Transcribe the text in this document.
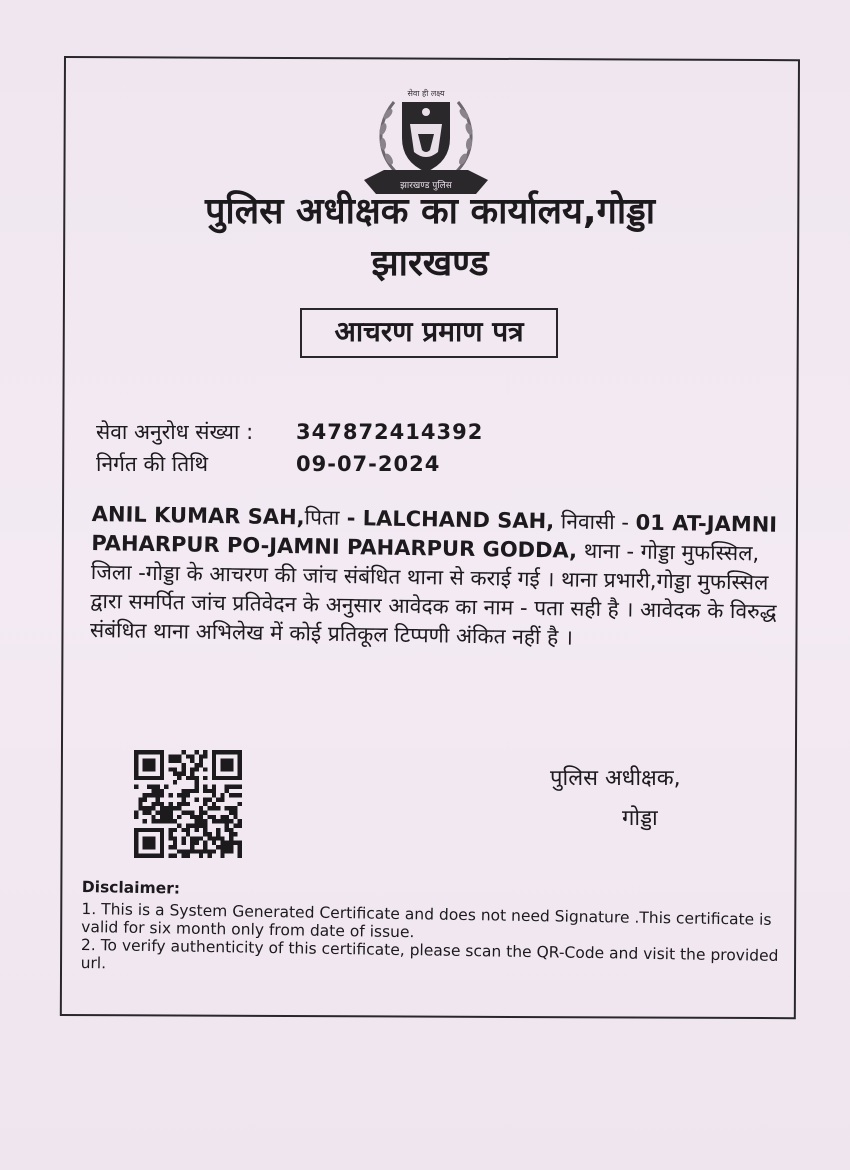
सेवा ही लक्ष्य
झारखण्ड पुलिस
पुलिस अधीक्षक का कार्यालय,गोड्डा
झारखण्ड
आचरण प्रमाण पत्र
सेवा अनुरोध संख्या : 347872414392
निर्गत की तिथि	09-07-2024

ANIL KUMAR SAH,पिता - LALCHAND SAH, निवासी - 01 AT-JAMNI PAHARPUR PO-JAMNI PAHARPUR GODDA, थाना - गोड्डा मुफस्सिल, जिला -गोड्डा के आचरण की जांच संबंधित थाना से कराई गई । थाना प्रभारी,गोड्डा मुफस्सिल द्वारा समर्पित जांच प्रतिवेदन के अनुसार आवेदक का नाम - पता सही है । आवेदक के विरुद्ध संबंधित थाना अभिलेख में कोई प्रतिकूल टिप्पणी अंकित नहीं है ।

पुलिस अधीक्षक,
गोड्डा

Disclaimer:

1. This is a System Generated Certificate and does not need Signature .This certificate is valid for six month only from date of issue.

2. To verify authenticity of this certificate, please scan the QR-Code and visit the provided url.
